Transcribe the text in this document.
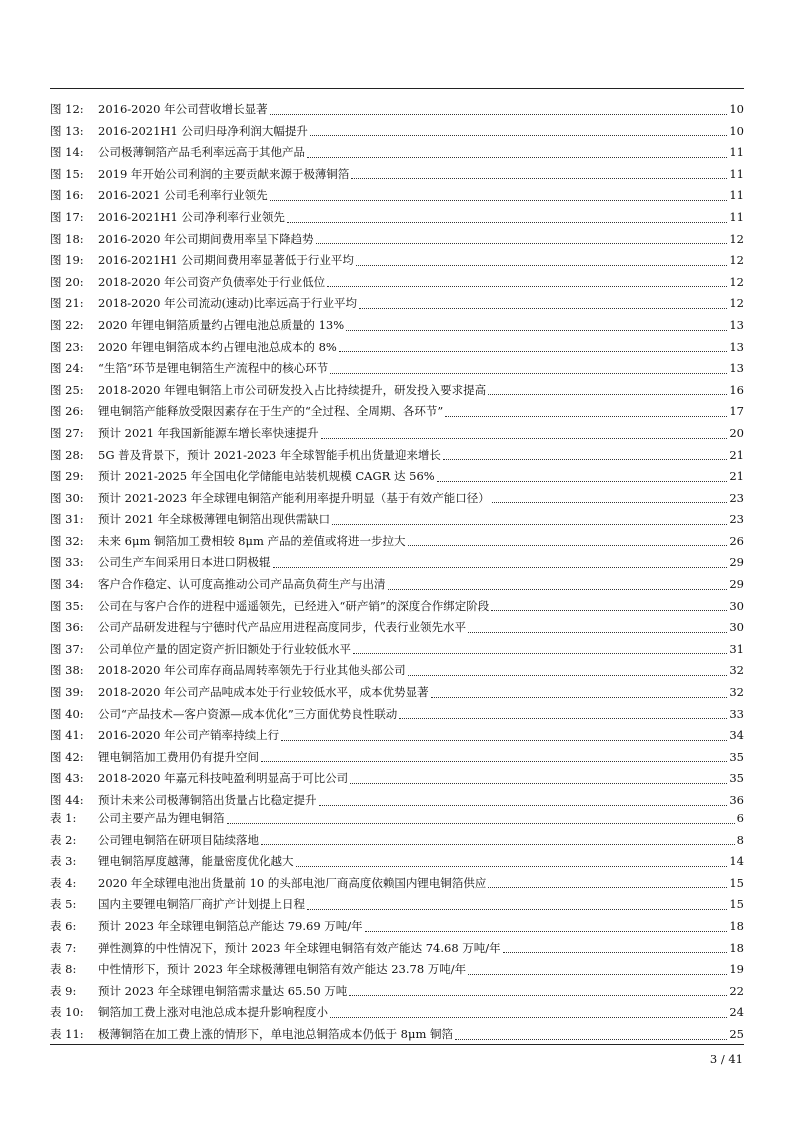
图 12:	2016-2020 年公司营收增长显著	10
图 13:	2016-2021H1 公司归母净利润大幅提升	10
图 14:	公司极薄铜箔产品毛利率远高于其他产品	11
图 15:	2019 年开始公司利润的主要贡献来源于极薄铜箔	11
图 16:	2016-2021 公司毛利率行业领先	11
图 17:	2016-2021H1 公司净利率行业领先	11
图 18:	2016-2020 年公司期间费用率呈下降趋势	12
图 19:	2016-2021H1 公司期间费用率显著低于行业平均	12
图 20:	2018-2020 年公司资产负债率处于行业低位	12
图 21:	2018-2020 年公司流动(速动)比率远高于行业平均	12
图 22:	2020 年锂电铜箔质量约占锂电池总质量的 13%	13
图 23:	2020 年锂电铜箔成本约占锂电池总成本的 8%	13
图 24:	“生箔”环节是锂电铜箔生产流程中的核心环节	13
图 25:	2018-2020 年锂电铜箔上市公司研发投入占比持续提升，研发投入要求提高	16
图 26:	锂电铜箔产能释放受限因素存在于生产的“全过程、全周期、各环节”	17
图 27:	预计 2021 年我国新能源车增长率快速提升	20
图 28:	5G 普及背景下，预计 2021-2023 年全球智能手机出货量迎来增长	21
图 29:	预计 2021-2025 年全国电化学储能电站装机规模 CAGR 达 56%	21
图 30:	预计 2021-2023 年全球锂电铜箔产能利用率提升明显（基于有效产能口径）	23
图 31:	预计 2021 年全球极薄锂电铜箔出现供需缺口	23
图 32:	未来 6μm 铜箔加工费相较 8μm 产品的差值或将进一步拉大	26
图 33:	公司生产车间采用日本进口阴极辊	29
图 34:	客户合作稳定、认可度高推动公司产品高负荷生产与出清	29
图 35:	公司在与客户合作的进程中遥遥领先，已经进入“研产销”的深度合作绑定阶段	30
图 36:	公司产品研发进程与宁德时代产品应用进程高度同步，代表行业领先水平	30
图 37:	公司单位产量的固定资产折旧额处于行业较低水平	31
图 38:	2018-2020 年公司库存商品周转率领先于行业其他头部公司	32
图 39:	2018-2020 年公司产品吨成本处于行业较低水平，成本优势显著	32
图 40:	公司“产品技术—客户资源—成本优化”三方面优势良性联动	33
图 41:	2016-2020 年公司产销率持续上行	34
图 42:	锂电铜箔加工费用仍有提升空间	35
图 43:	2018-2020 年嘉元科技吨盈利明显高于可比公司	35
图 44:	预计未来公司极薄铜箔出货量占比稳定提升	36
表 1:	公司主要产品为锂电铜箔	6
表 2:	公司锂电铜箔在研项目陆续落地	8
表 3:	锂电铜箔厚度越薄，能量密度优化越大	14
表 4:	2020 年全球锂电池出货量前 10 的头部电池厂商高度依赖国内锂电铜箔供应	15
表 5:	国内主要锂电铜箔厂商扩产计划提上日程	15
表 6:	预计 2023 年全球锂电铜箔总产能达 79.69 万吨/年	18
表 7:	弹性测算的中性情况下，预计 2023 年全球锂电铜箔有效产能达 74.68 万吨/年	18
表 8:	中性情形下，预计 2023 年全球极薄锂电铜箔有效产能达 23.78 万吨/年	19
表 9:	预计 2023 年全球锂电铜箔需求量达 65.50 万吨	22
表 10:	铜箔加工费上涨对电池总成本提升影响程度小	24
表 11:	极薄铜箔在加工费上涨的情形下，单电池总铜箔成本仍低于 8μm 铜箔	25
3 / 41
